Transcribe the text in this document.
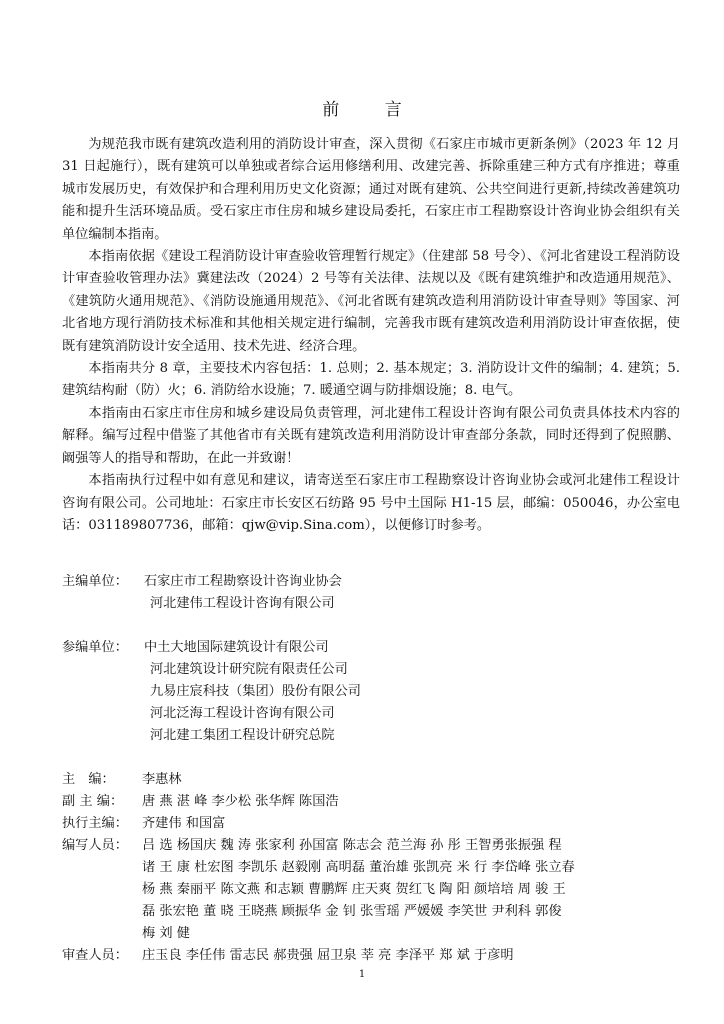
前 言

为规范我市既有建筑改造利用的消防设计审查，深入贯彻《石家庄市城市更新条例》（2023 年 12 月 31 日起施行），既有建筑可以单独或者综合运用修缮利用、改建完善、拆除重建三种方式有序推进；尊重城市发展历史，有效保护和合理利用历史文化资源；通过对既有建筑、公共空间进行更新,持续改善建筑功能和提升生活环境品质。受石家庄市住房和城乡建设局委托，石家庄市工程勘察设计咨询业协会组织有关单位编制本指南。

本指南依据《建设工程消防设计审查验收管理暂行规定》（住建部 58 号令）、《河北省建设工程消防设计审查验收管理办法》冀建法改（2024）2 号等有关法律、法规以及《既有建筑维护和改造通用规范》、《建筑防火通用规范》、《消防设施通用规范》、《河北省既有建筑改造利用消防设计审查导则》等国家、河北省地方现行消防技术标准和其他相关规定进行编制，完善我市既有建筑改造利用消防设计审查依据，使既有建筑消防设计安全适用、技术先进、经济合理。

本指南共分 8 章，主要技术内容包括：1. 总则；2. 基本规定；3. 消防设计文件的编制；4. 建筑；5. 建筑结构耐（防）火；6. 消防给水设施；7. 暖通空调与防排烟设施；8. 电气。

本指南由石家庄市住房和城乡建设局负责管理，河北建伟工程设计咨询有限公司负责具体技术内容的解释。编写过程中借鉴了其他省市有关既有建筑改造利用消防设计审查部分条款，同时还得到了倪照鹏、阚强等人的指导和帮助，在此一并致谢！

本指南执行过程中如有意见和建议，请寄送至石家庄市工程勘察设计咨询业协会或河北建伟工程设计咨询有限公司。公司地址：石家庄市长安区石纺路 95 号中土国际 H1-15 层，邮编：050046，办公室电话：031189807736，邮箱：qjw@vip.Sina.com），以便修订时参考。

主编单位：	石家庄市工程勘察设计咨询业协会
河北建伟工程设计咨询有限公司
参编单位：	中土大地国际建筑设计有限公司
河北建筑设计研究院有限责任公司
九易庄宸科技（集团）股份有限公司
河北泛海工程设计咨询有限公司
河北建工集团工程设计研究总院
主　编：	李惠林
副 主 编：	唐 燕 湛 峰 李少松 张华辉 陈国浩
执行主编：	齐建伟 和国富
编写人员：	吕 选 杨国庆 魏 涛 张家利 孙国富 陈志会 范兰海 孙 彤 王智勇张振强 程
诸 王 康 杜宏图 李凯乐 赵毅刚 高明磊 董治雄 张凯亮 米 行 李岱峰 张立春
杨 燕 秦丽平 陈文燕 和志颖 曹鹏辉 庄天爽 贺红飞 陶 阳 颜培培 周 骏 王
磊 张宏艳 董 晓 王晓燕 顾振华 金 钊 张雪瑶 严媛媛 李笑世 尹利科 郭俊
梅 刘 健
审查人员：	庄玉良 李任伟 雷志民 郝贵强 屈卫泉 莘 亮 李泽平 郑 斌 于彦明
1
